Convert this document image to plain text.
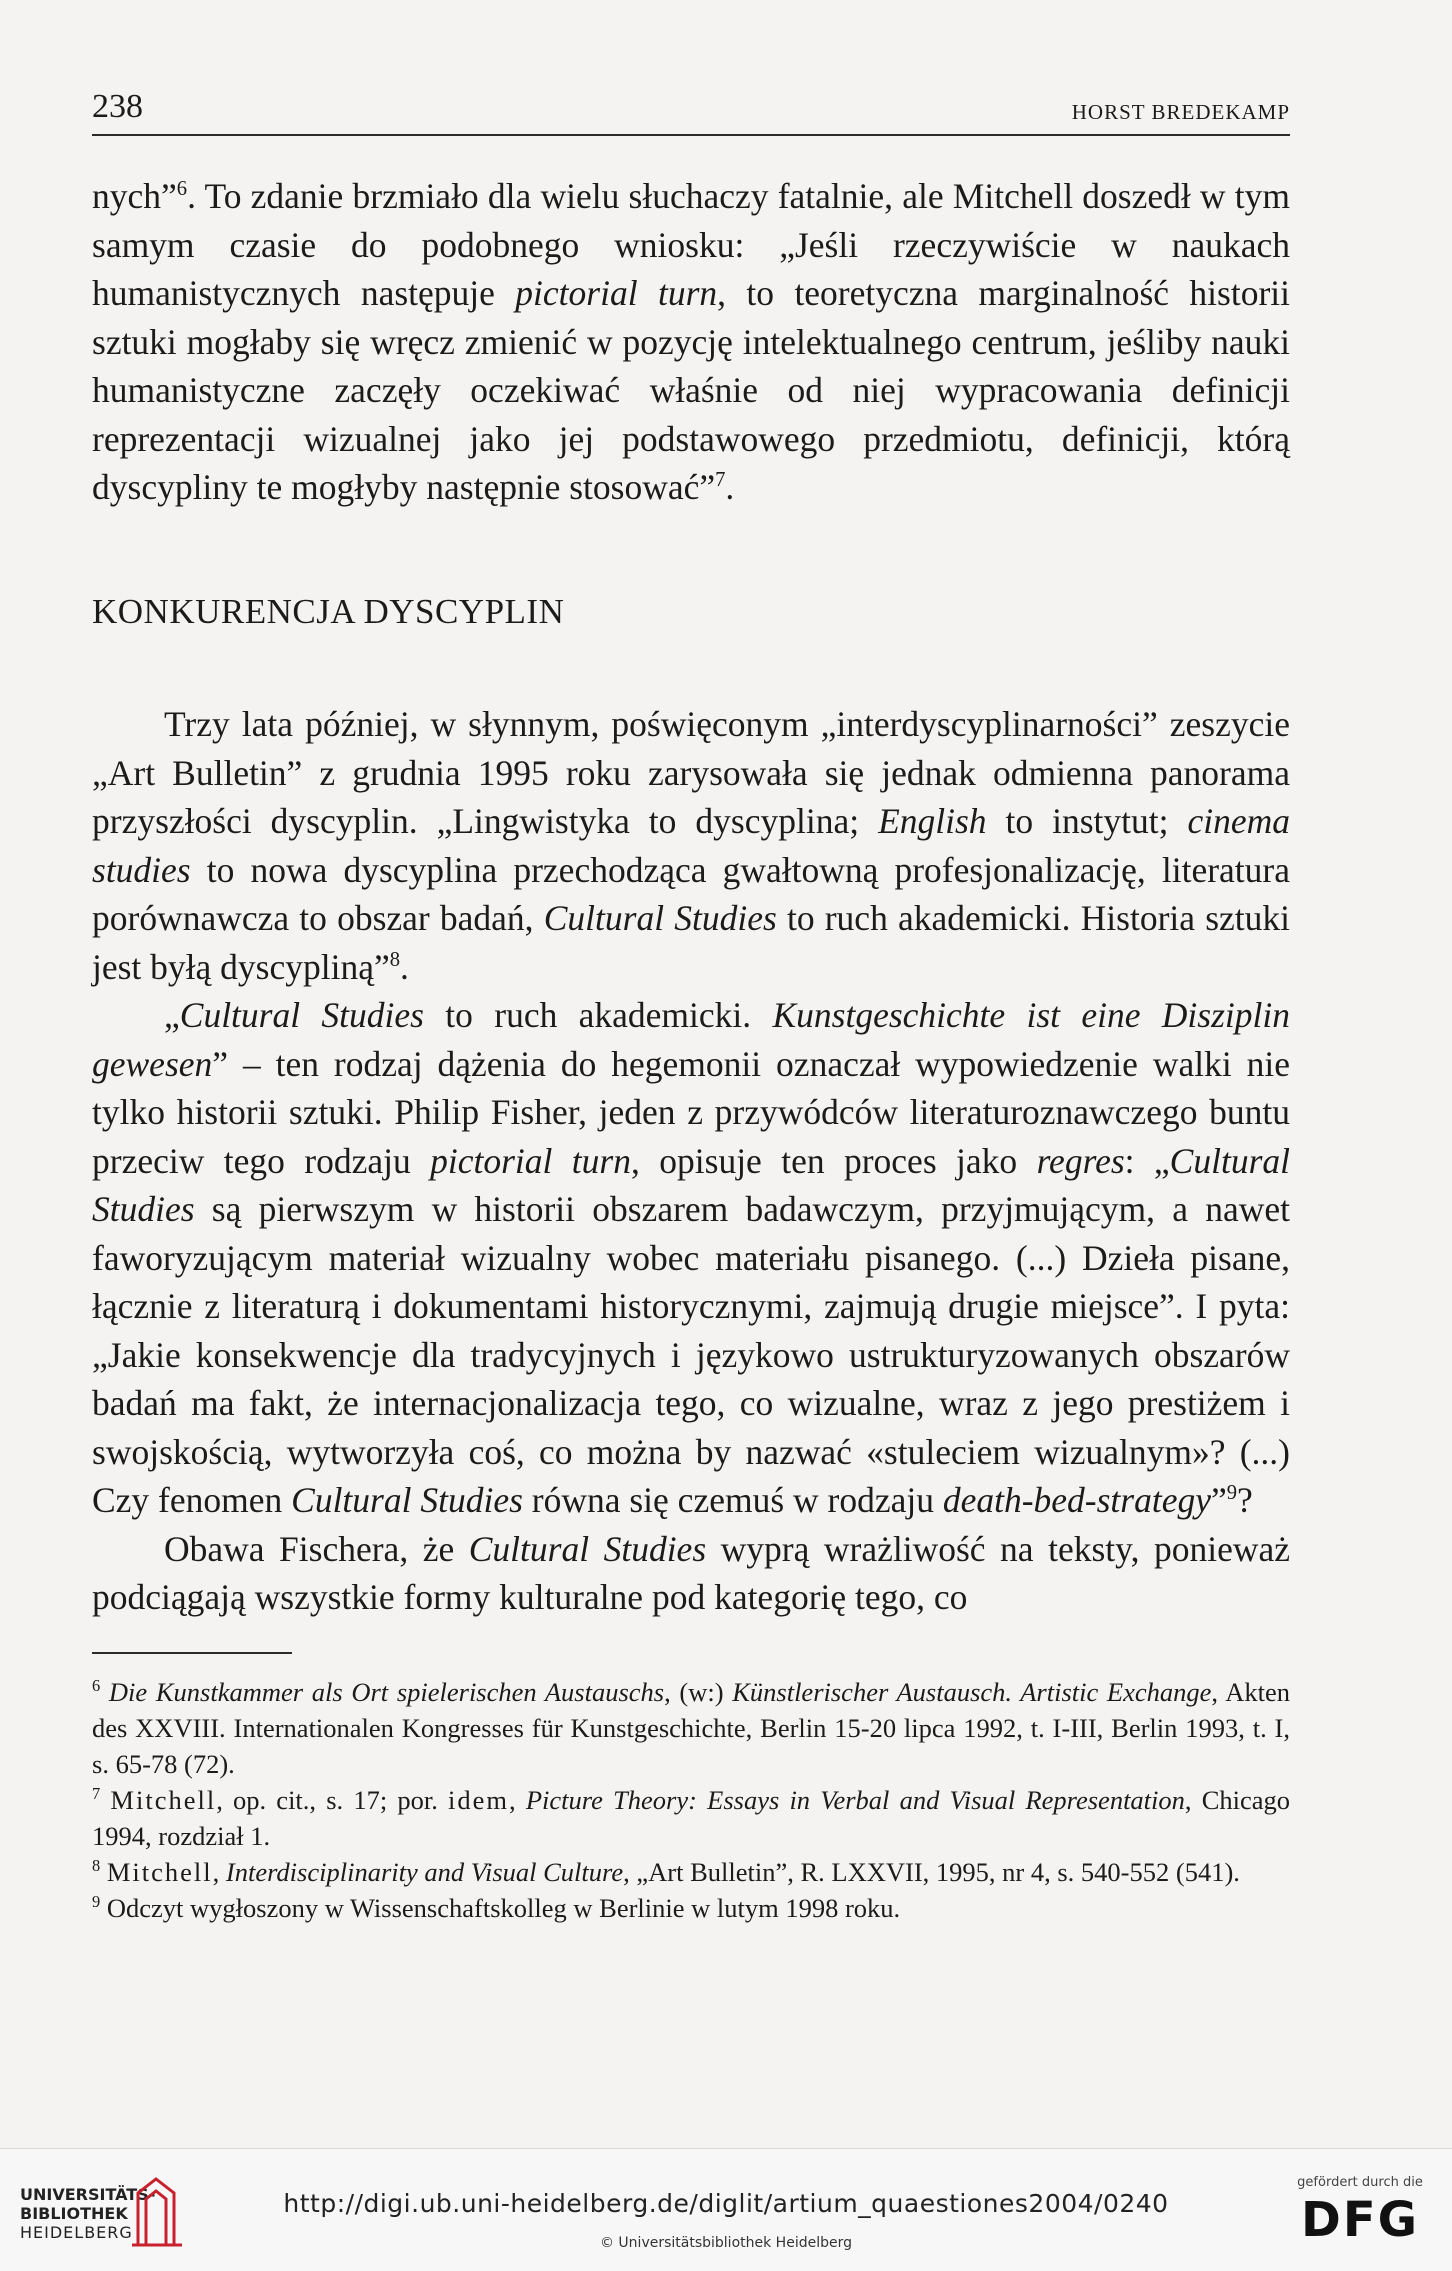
238	HORST BREDEKAMP

nych”$^6$. To zdanie brzmiało dla wielu słuchaczy fatalnie, ale Mitchell doszedł w tym samym czasie do podobnego wniosku: „Jeśli rzeczywiście w naukach humanistycznych następuje pictorial turn, to teoretyczna marginalność historii sztuki mogłaby się wręcz zmienić w pozycję intelektualnego centrum, jeśliby nauki humanistyczne zaczęły oczekiwać właśnie od niej wypracowania definicji reprezentacji wizualnej jako jej podstawowego przedmiotu, definicji, którą dyscypliny te mogłyby następnie stosować”$^7$.

KONKURENCJA DYSCYPLIN

Trzy lata później, w słynnym, poświęconym „interdyscyplinarności” zeszycie „Art Bulletin” z grudnia 1995 roku zarysowała się jednak odmienna panorama przyszłości dyscyplin. „Lingwistyka to dyscyplina; English to instytut; cinema studies to nowa dyscyplina przechodząca gwałtowną profesjonalizację, literatura porównawcza to obszar badań, Cultural Studies to ruch akademicki. Historia sztuki jest byłą dyscypliną”$^8$.

„Cultural Studies to ruch akademicki. Kunstgeschichte ist eine Disziplin gewesen” – ten rodzaj dążenia do hegemonii oznaczał wypowiedzenie walki nie tylko historii sztuki. Philip Fisher, jeden z przywódców literaturoznawczego buntu przeciw tego rodzaju pictorial turn, opisuje ten proces jako regres: „Cultural Studies są pierwszym w historii obszarem badawczym, przyjmującym, a nawet faworyzującym materiał wizualny wobec materiału pisanego. (...) Dzieła pisane, łącznie z literaturą i dokumentami historycznymi, zajmują drugie miejsce”. I pyta: „Jakie konsekwencje dla tradycyjnych i językowo ustrukturyzowanych obszarów badań ma fakt, że internacjonalizacja tego, co wizualne, wraz z jego prestiżem i swojskością, wytworzyła coś, co można by nazwać «stuleciem wizualnym»? (...) Czy fenomen Cultural Studies równa się czemuś w rodzaju death-bed-strategy”$^9$?

Obawa Fischera, że Cultural Studies wyprą wrażliwość na teksty, ponieważ podciągają wszystkie formy kulturalne pod kategorię tego, co

$^6$ Die Kunstkammer als Ort spielerischen Austauschs, (w:) Künstlerischer Austausch. Artistic Exchange, Akten des XXVIII. Internationalen Kongresses für Kunstgeschichte, Berlin 15-20 lipca 1992, t. I-III, Berlin 1993, t. I, s. 65-78 (72).

$^7$ Mitchell, op. cit., s. 17; por. idem, Picture Theory: Essays in Verbal and Visual Representation, Chicago 1994, rozdział 1.

$^8$ Mitchell, Interdisciplinarity and Visual Culture, „Art Bulletin”, R. LXXVII, 1995, nr 4, s. 540-552 (541).

$^9$ Odczyt wygłoszony w Wissenschaftskolleg w Berlinie w lutym 1998 roku.

UNIVERSITÄTS-
BIBLIOTHEK
HEIDELBERG
http://digi.ub.uni-heidelberg.de/diglit/artium_quaestiones2004/0240
© Universitätsbibliothek Heidelberg
gefördert durch die
DFG
